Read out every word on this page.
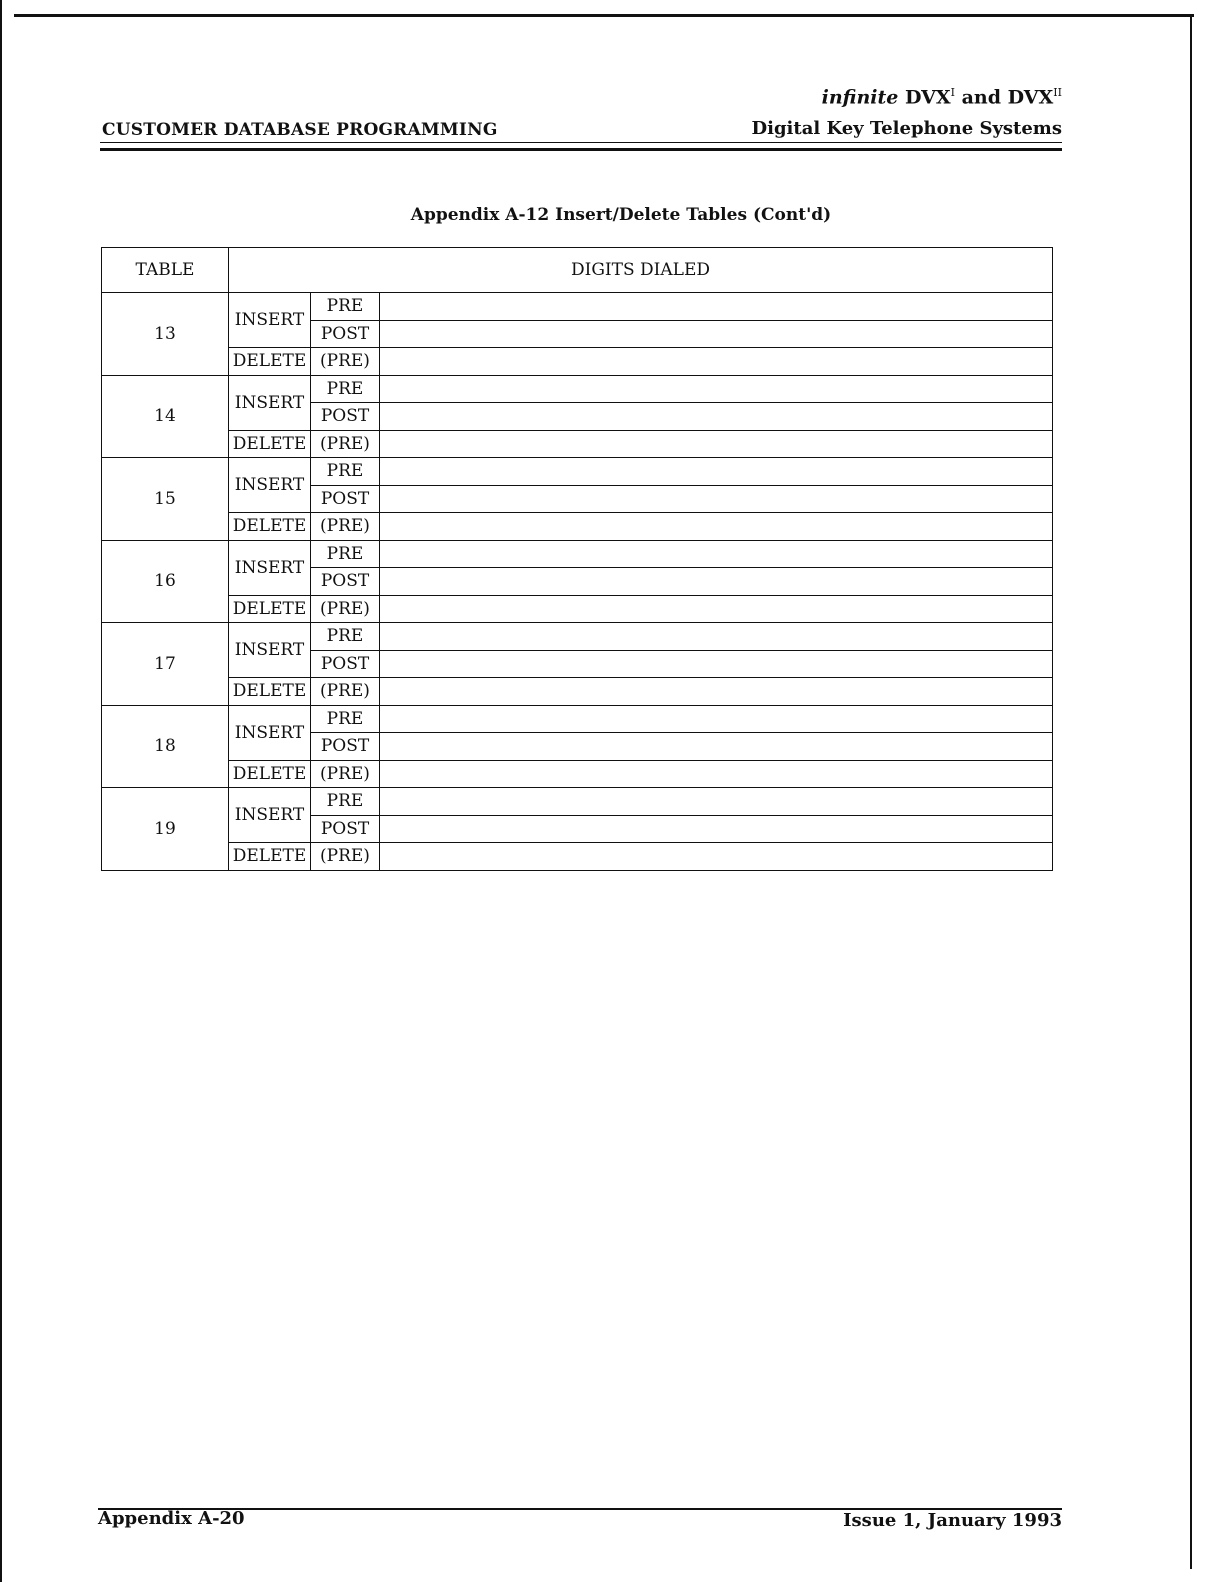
infinite $DVX^I$ and $DVX^{II}$
CUSTOMER DATABASE PROGRAMMING	Digital Key Telephone Systems
Appendix A-12 Insert/Delete Tables (Cont'd)
TABLE	DIGITS DIALED		
13	INSERT	PRE	
		POST	
	DELETE	(PRE)	
14	INSERT	PRE	
		POST	
	DELETE	(PRE)	
15	INSERT	PRE	
		POST	
	DELETE	(PRE)	
16	INSERT	PRE	
		POST	
	DELETE	(PRE)	
17	INSERT	PRE	
		POST	
	DELETE	(PRE)	
18	INSERT	PRE	
		POST	
	DELETE	(PRE)	
19	INSERT	PRE	
		POST	
	DELETE	(PRE)	
Appendix A-20	Issue 1, January 1993
